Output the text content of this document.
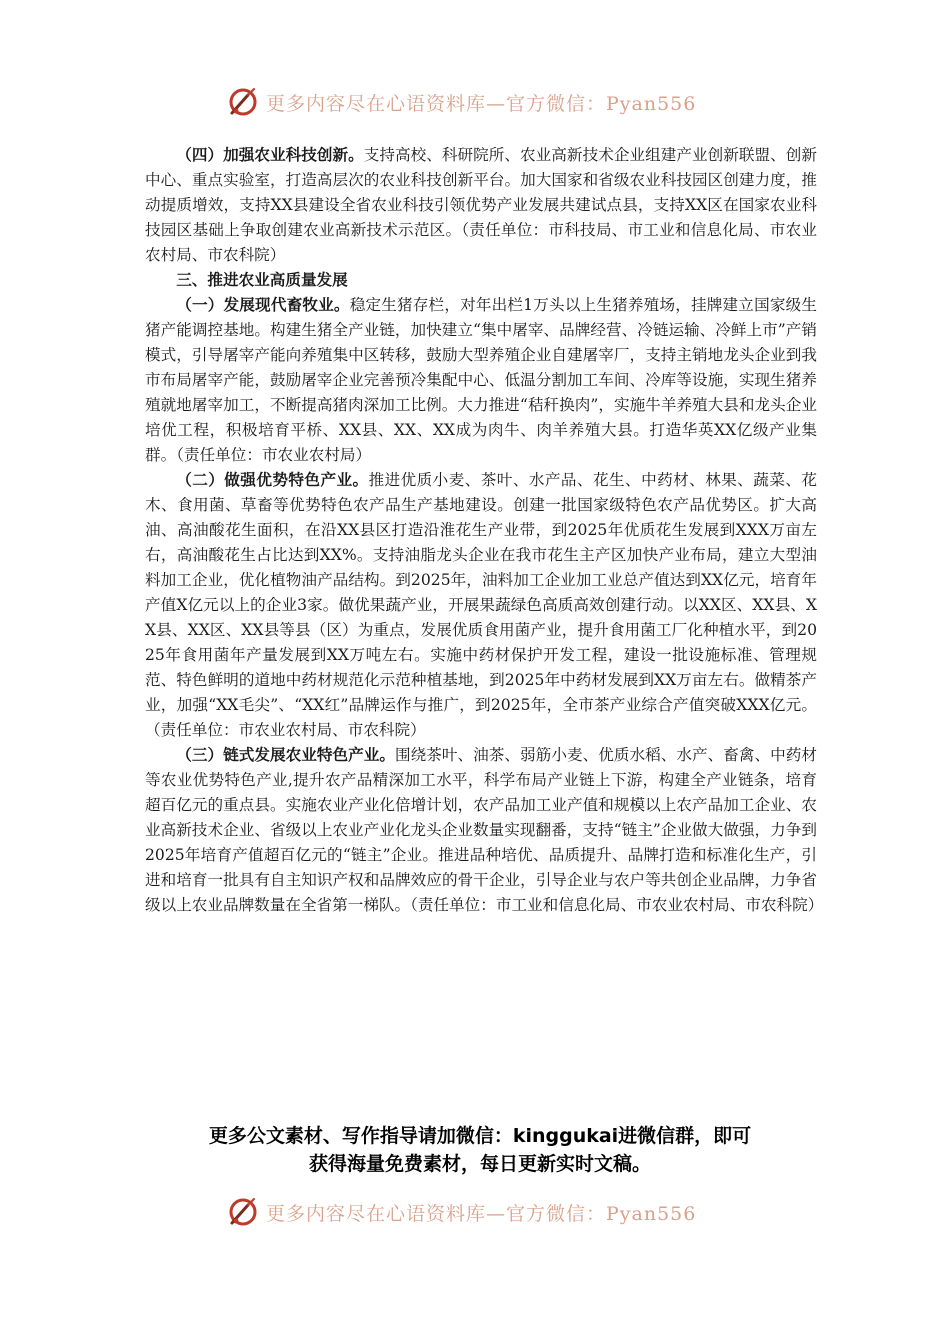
更多内容尽在心语资料库—官方微信：Pyan556

（四）加强农业科技创新。支持高校、科研院所、农业高新技术企业组建产业创新联盟、创新中心、重点实验室，打造高层次的农业科技创新平台。加大国家和省级农业科技园区创建力度，推动提质增效，支持XX县建设全省农业科技引领优势产业发展共建试点县，支持XX区在国家农业科技园区基础上争取创建农业高新技术示范区。（责任单位：市科技局、市工业和信息化局、市农业农村局、市农科院）

三、推进农业高质量发展

（一）发展现代畜牧业。稳定生猪存栏，对年出栏1万头以上生猪养殖场，挂牌建立国家级生猪产能调控基地。构建生猪全产业链，加快建立“集中屠宰、品牌经营、冷链运输、冷鲜上市”产销模式，引导屠宰产能向养殖集中区转移，鼓励大型养殖企业自建屠宰厂，支持主销地龙头企业到我市布局屠宰产能，鼓励屠宰企业完善预冷集配中心、低温分割加工车间、冷库等设施，实现生猪养殖就地屠宰加工，不断提高猪肉深加工比例。大力推进“秸秆换肉”，实施牛羊养殖大县和龙头企业培优工程，积极培育平桥、XX县、XX、XX成为肉牛、肉羊养殖大县。打造华英XX亿级产业集群。（责任单位：市农业农村局）

（二）做强优势特色产业。推进优质小麦、茶叶、水产品、花生、中药材、林果、蔬菜、花木、食用菌、草畜等优势特色农产品生产基地建设。创建一批国家级特色农产品优势区。扩大高油、高油酸花生面积，在沿XX县区打造沿淮花生产业带，到2025年优质花生发展到XXX万亩左右，高油酸花生占比达到XX%。支持油脂龙头企业在我市花生主产区加快产业布局，建立大型油料加工企业，优化植物油产品结构。到2025年，油料加工企业加工业总产值达到XX亿元，培育年产值X亿元以上的企业3家。做优果蔬产业，开展果蔬绿色高质高效创建行动。以XX区、XX县、XX县、XX区、XX县等县（区）为重点，发展优质食用菌产业，提升食用菌工厂化种植水平，到2025年食用菌年产量发展到XX万吨左右。实施中药材保护开发工程，建设一批设施标准、管理规范、特色鲜明的道地中药材规范化示范种植基地，到2025年中药材发展到XX万亩左右。做精茶产业，加强“XX毛尖”、“XX红”品牌运作与推广，到2025年，全市茶产业综合产值突破XXX亿元。（责任单位：市农业农村局、市农科院）

（三）链式发展农业特色产业。围绕茶叶、油茶、弱筋小麦、优质水稻、水产、畜禽、中药材等农业优势特色产业,提升农产品精深加工水平，科学布局产业链上下游，构建全产业链条，培育超百亿元的重点县。实施农业产业化倍增计划，农产品加工业产值和规模以上农产品加工企业、农业高新技术企业、省级以上农业产业化龙头企业数量实现翻番，支持“链主”企业做大做强，力争到2025年培育产值超百亿元的“链主”企业。推进品种培优、品质提升、品牌打造和标准化生产，引进和培育一批具有自主知识产权和品牌效应的骨干企业，引导企业与农户等共创企业品牌，力争省级以上农业品牌数量在全省第一梯队。（责任单位：市工业和信息化局、市农业农村局、市农科院）

更多公文素材、写作指导请加微信：kinggukai进微信群，即可
获得海量免费素材，每日更新实时文稿。
更多内容尽在心语资料库—官方微信：Pyan556
